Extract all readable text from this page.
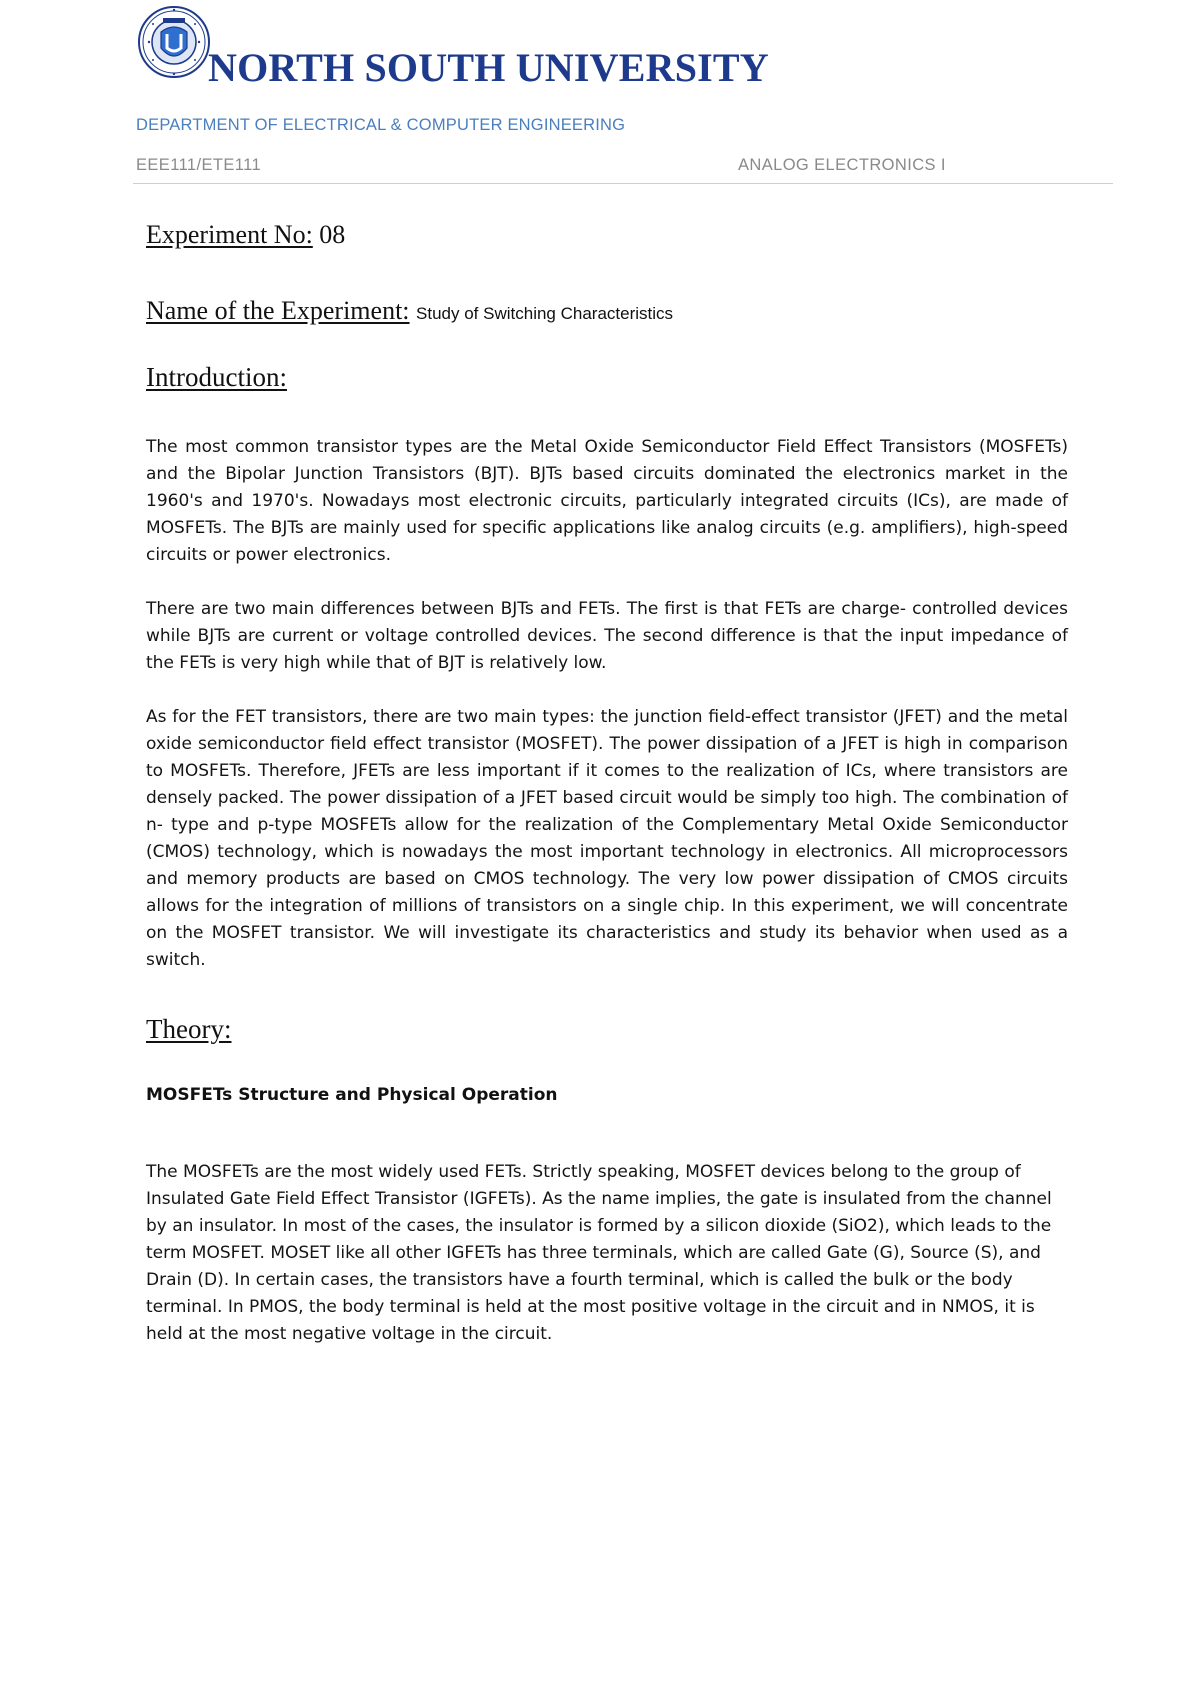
NORTH SOUTH UNIVERSITY
DEPARTMENT OF ELECTRICAL & COMPUTER ENGINEERING
EEE111/ETE111	ANALOG ELECTRONICS I
Experiment No: 08
Name of the Experiment: Study of Switching Characteristics
Introduction:

The most common transistor types are the Metal Oxide Semiconductor Field Effect Transistors (MOSFETs) and the Bipolar Junction Transistors (BJT). BJTs based circuits dominated the electronics market in the 1960's and 1970's. Nowadays most electronic circuits, particularly integrated circuits (ICs), are made of MOSFETs. The BJTs are mainly used for specific applications like analog circuits (e.g. amplifiers), high-speed circuits or power electronics.

There are two main differences between BJTs and FETs. The first is that FETs are charge- controlled devices while BJTs are current or voltage controlled devices. The second difference is that the input impedance of the FETs is very high while that of BJT is relatively low.

As for the FET transistors, there are two main types: the junction field-effect transistor (JFET) and the metal oxide semiconductor field effect transistor (MOSFET). The power dissipation of a JFET is high in comparison to MOSFETs. Therefore, JFETs are less important if it comes to the realization of ICs, where transistors are densely packed. The power dissipation of a JFET based circuit would be simply too high. The combination of n- type and p-type MOSFETs allow for the realization of the Complementary Metal Oxide Semiconductor (CMOS) technology, which is nowadays the most important technology in electronics. All microprocessors and memory products are based on CMOS technology. The very low power dissipation of CMOS circuits allows for the integration of millions of transistors on a single chip. In this experiment, we will concentrate on the MOSFET transistor. We will investigate its characteristics and study its behavior when used as a switch.

Theory:
MOSFETs Structure and Physical Operation

The MOSFETs are the most widely used FETs. Strictly speaking, MOSFET devices belong to the group of Insulated Gate Field Effect Transistor (IGFETs). As the name implies, the gate is insulated from the channel by an insulator. In most of the cases, the insulator is formed by a silicon dioxide (SiO2), which leads to the term MOSFET. MOSET like all other IGFETs has three terminals, which are called Gate (G), Source (S), and Drain (D). In certain cases, the transistors have a fourth terminal, which is called the bulk or the body terminal. In PMOS, the body terminal is held at the most positive voltage in the circuit and in NMOS, it is held at the most negative voltage in the circuit.
